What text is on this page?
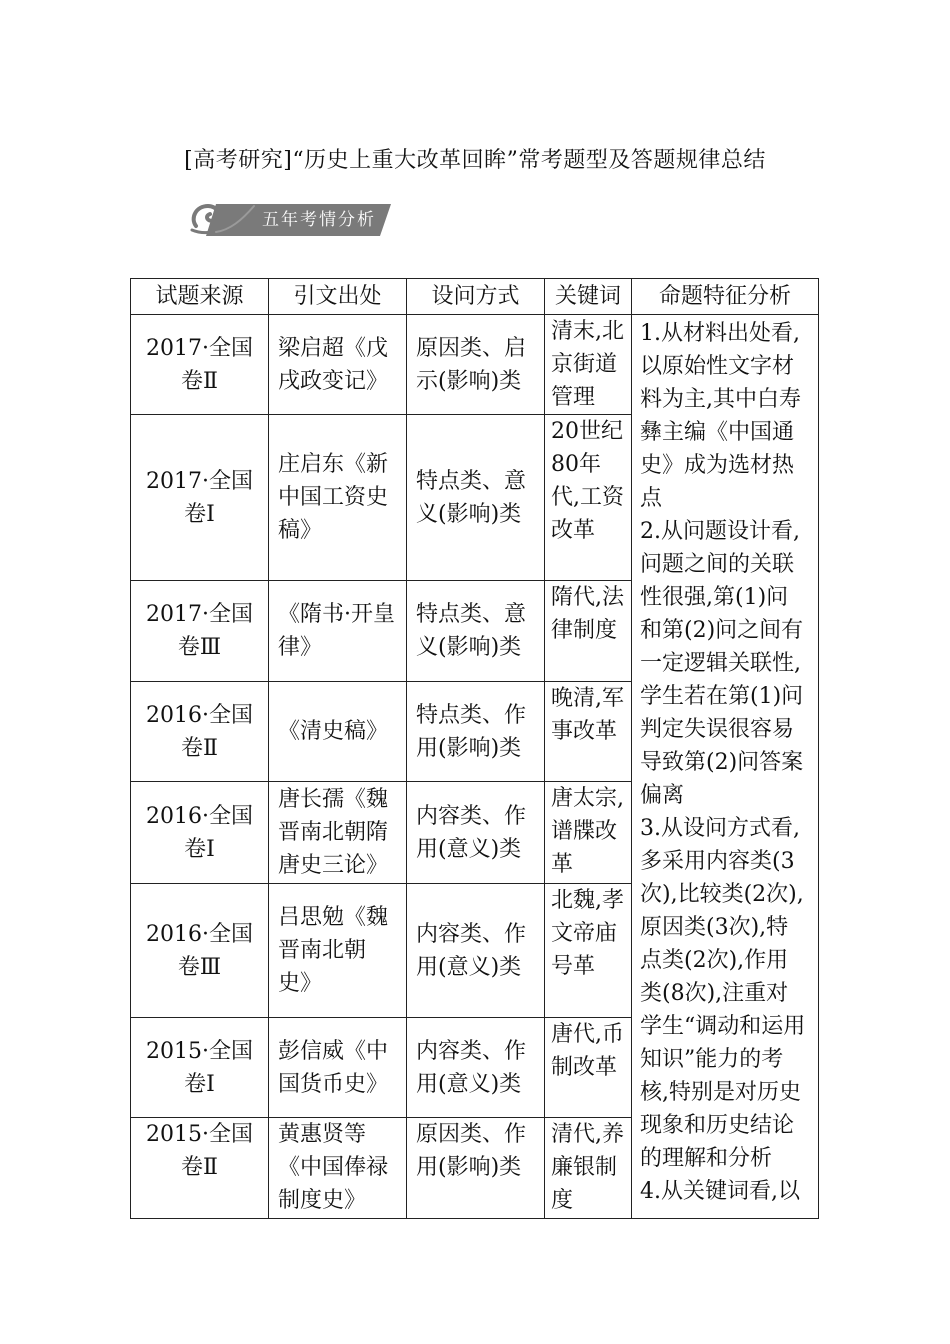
[高考研究]“历史上重大改革回眸”常考题型及答题规律总结
五年考情分析
试题来源	引文出处	设问方式	关键词	命题特征分析
2017·全国卷Ⅱ	梁启超《戊戌政变记》	原因类、启示(影响)类	清末,北京街道管理	1.从材料出处看,以原始性文字材料为主,其中白寿彝主编《中国通史》成为选材热点

2.从问题设计看,问题之间的关联性很强,第(1)问和第(2)问之间有一定逻辑关联性,学生若在第(1)问判定失误很容易导致第(2)问答案偏离

3.从设问方式看,多采用内容类(3次),比较类(2次),原因类(3次),特点类(2次),作用类(8次),注重对学生“调动和运用知识”能力的考核,特别是对历史现象和历史结论的理解和分析

4.从关键词看,以

2017·全国卷Ⅰ	庄启东《新中国工资史稿》	特点类、意义(影响)类	20世纪80年代,工资改革	
2017·全国卷Ⅲ	《隋书·开皇律》	特点类、意义(影响)类	隋代,法律制度	
2016·全国卷Ⅱ	《清史稿》	特点类、作用(影响)类	晚清,军事改革	
2016·全国卷Ⅰ	唐长孺《魏晋南北朝隋唐史三论》	内容类、作用(意义)类	唐太宗,谱牒改革	
2016·全国卷Ⅲ	吕思勉《魏晋南北朝史》	内容类、作用(意义)类	北魏,孝文帝庙号革	
2015·全国卷Ⅰ	彭信威《中国货币史》	内容类、作用(意义)类	唐代,币制改革	
2015·全国卷Ⅱ	黄惠贤等《中国俸禄制度史》	原因类、作用(影响)类	清代,养廉银制度	
